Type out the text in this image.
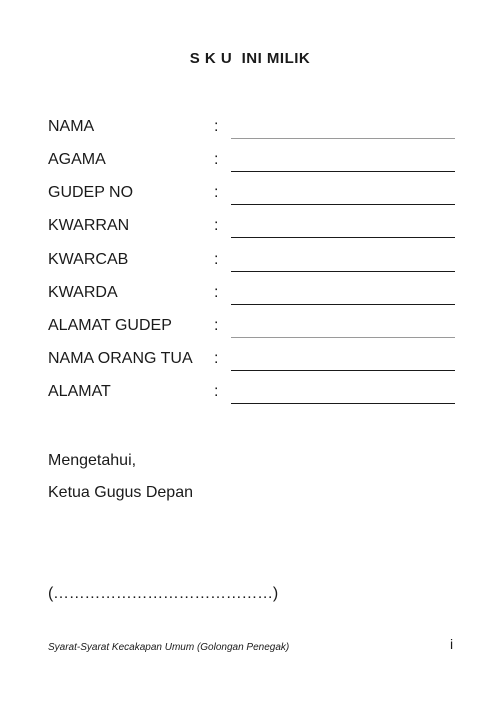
S K U  INI MILIK
NAMA	:
AGAMA	:
GUDEP NO	:
KWARRAN	:
KWARCAB	:
KWARDA	:
ALAMAT GUDEP	:
NAMA ORANG TUA :
ALAMAT	:
Mengetahui,
Ketua Gugus Depan
(……………………………………)
Syarat-Syarat Kecakapan Umum (Golongan Penegak)	i
